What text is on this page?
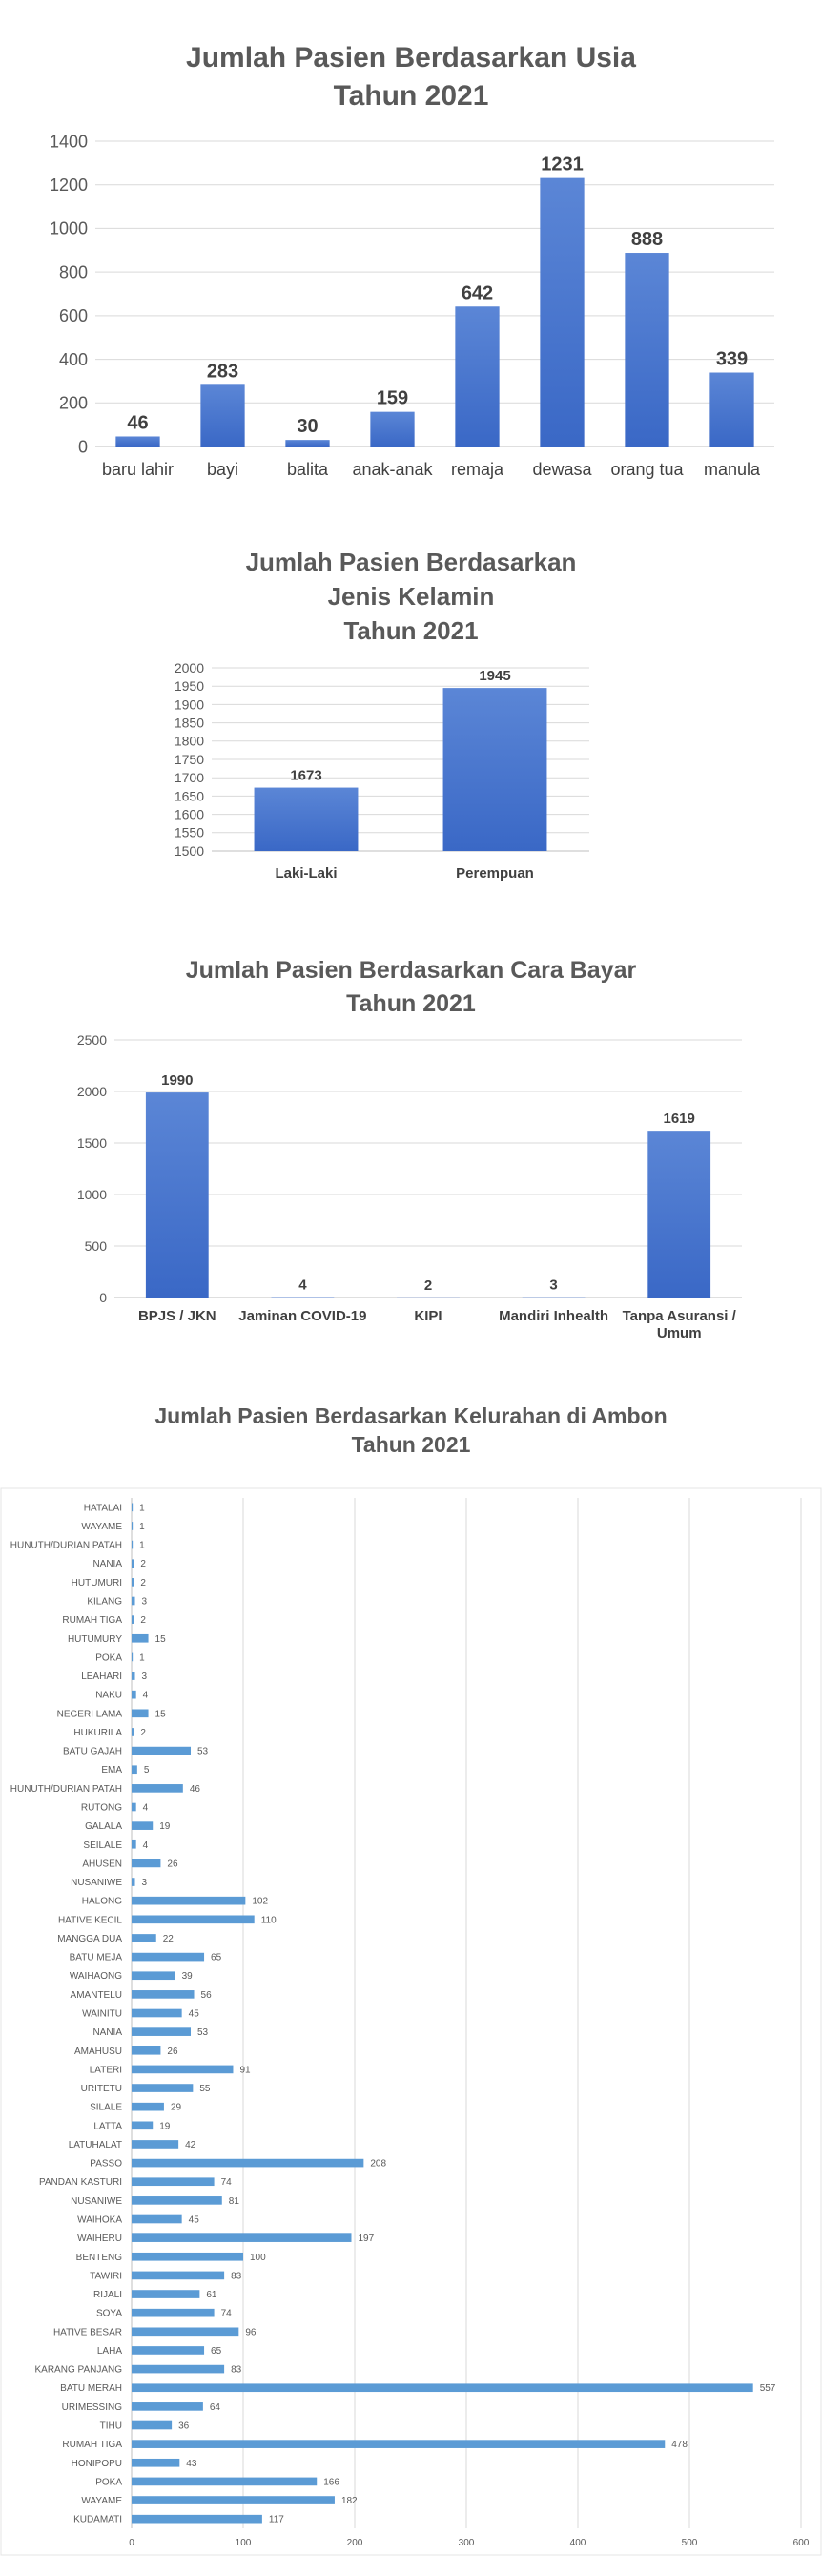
Jumlah Pasien Berdasarkan Usia
Tahun 2021
0
200
400
600
800
1000
1200
1400
46
baru lahir
283
bayi
30
balita
159
anak-anak
642
remaja
1231
dewasa
888
orang tua
339
manula
Jumlah Pasien Berdasarkan
Jenis Kelamin
Tahun 2021
1500
1550
1600
1650
1700
1750
1800
1850
1900
1950
2000
1673
Laki-Laki
1945
Perempuan
Jumlah Pasien Berdasarkan Cara Bayar
Tahun 2021
0
500
1000
1500
2000
2500
1990
BPJS / JKN
4
Jaminan COVID-19
2
KIPI
3
Mandiri Inhealth
1619
Tanpa Asuransi /
Umum
Jumlah Pasien Berdasarkan Kelurahan di Ambon
Tahun 2021
0	100	200	300	400	500	600
HATALAI 1
WAYAME 1
HUNUTH/DURIAN PATAH 1
NANIA 2
HUTUMURI 2
KILANG 3
RUMAH TIGA 2
HUTUMURY	15
POKA 1
LEAHARI 3
NAKU 4
NEGERI LAMA	15
HUKURILA 2
BATU GAJAH	53
EMA 5
HUNUTH/DURIAN PATAH	46
RUTONG 4
GALALA	19
SEILALE 4
AHUSEN	26
NUSANIWE 3
HALONG	102
HATIVE KECIL	110
MANGGA DUA	22
BATU MEJA	65
WAIHAONG	39
AMANTELU	56
WAINITU	45
NANIA	53
AMAHUSU	26
LATERI	91
URITETU	55
SILALE	29
LATTA	19
LATUHALAT	42
PASSO	208
PANDAN KASTURI	74
NUSANIWE	81
WAIHOKA	45
WAIHERU	197
BENTENG	100
TAWIRI	83
RIJALI	61
SOYA	74
HATIVE BESAR	96
LAHA	65
KARANG PANJANG	83
BATU MERAH	557
URIMESSING	64
TIHU	36
RUMAH TIGA	478
HONIPOPU	43
POKA	166
WAYAME	182
KUDAMATI	117
